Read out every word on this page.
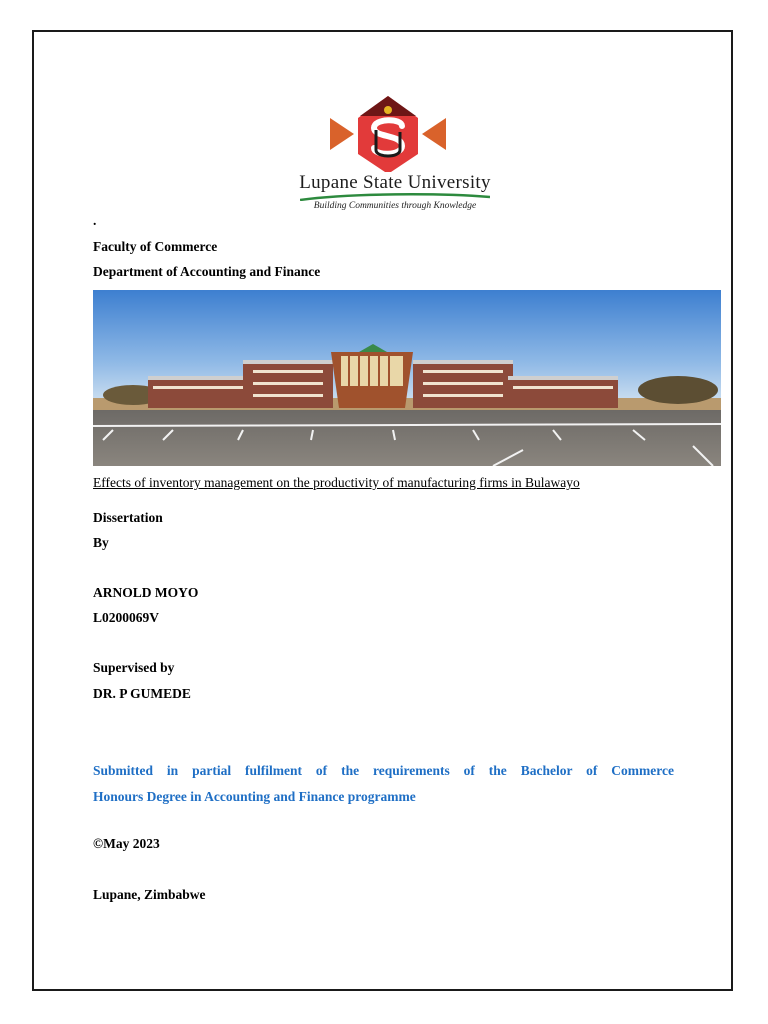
Lupane State University
Building Communities through Knowledge
.
Faculty of Commerce
Department of Accounting and Finance
Effects of inventory management on the productivity of manufacturing firms in Bulawayo
Dissertation
By
ARNOLD MOYO
L0200069V
Supervised by
DR. P GUMEDE
Submitted in partial fulfilment of the requirements of the Bachelor of Commerce
Honours Degree in Accounting and Finance programme
©May 2023
Lupane, Zimbabwe
